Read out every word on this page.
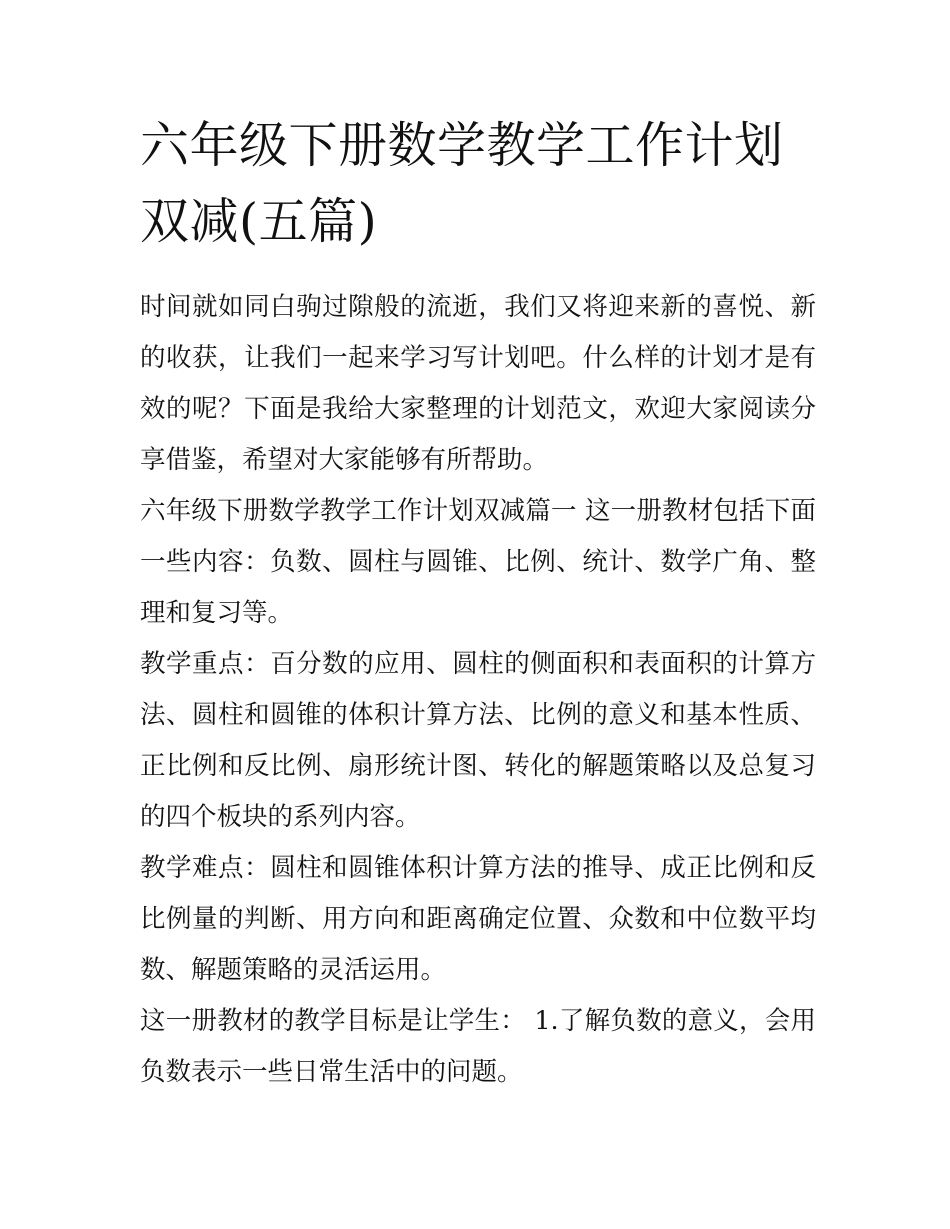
六年级下册数学教学工作计划双减(五篇)

时间就如同白驹过隙般的流逝，我们又将迎来新的喜悦、新的收获，让我们一起来学习写计划吧。什么样的计划才是有效的呢？下面是我给大家整理的计划范文，欢迎大家阅读分享借鉴，希望对大家能够有所帮助。

六年级下册数学教学工作计划双减篇一 这一册教材包括下面一些内容：负数、圆柱与圆锥、比例、统计、数学广角、整理和复习等。

教学重点：百分数的应用、圆柱的侧面积和表面积的计算方法、圆柱和圆锥的体积计算方法、比例的意义和基本性质、正比例和反比例、扇形统计图、转化的解题策略以及总复习的四个板块的系列内容。

教学难点：圆柱和圆锥体积计算方法的推导、成正比例和反比例量的判断、用方向和距离确定位置、众数和中位数平均数、解题策略的灵活运用。

这一册教材的教学目标是让学生： 1.了解负数的意义，会用负数表示一些日常生活中的问题。
